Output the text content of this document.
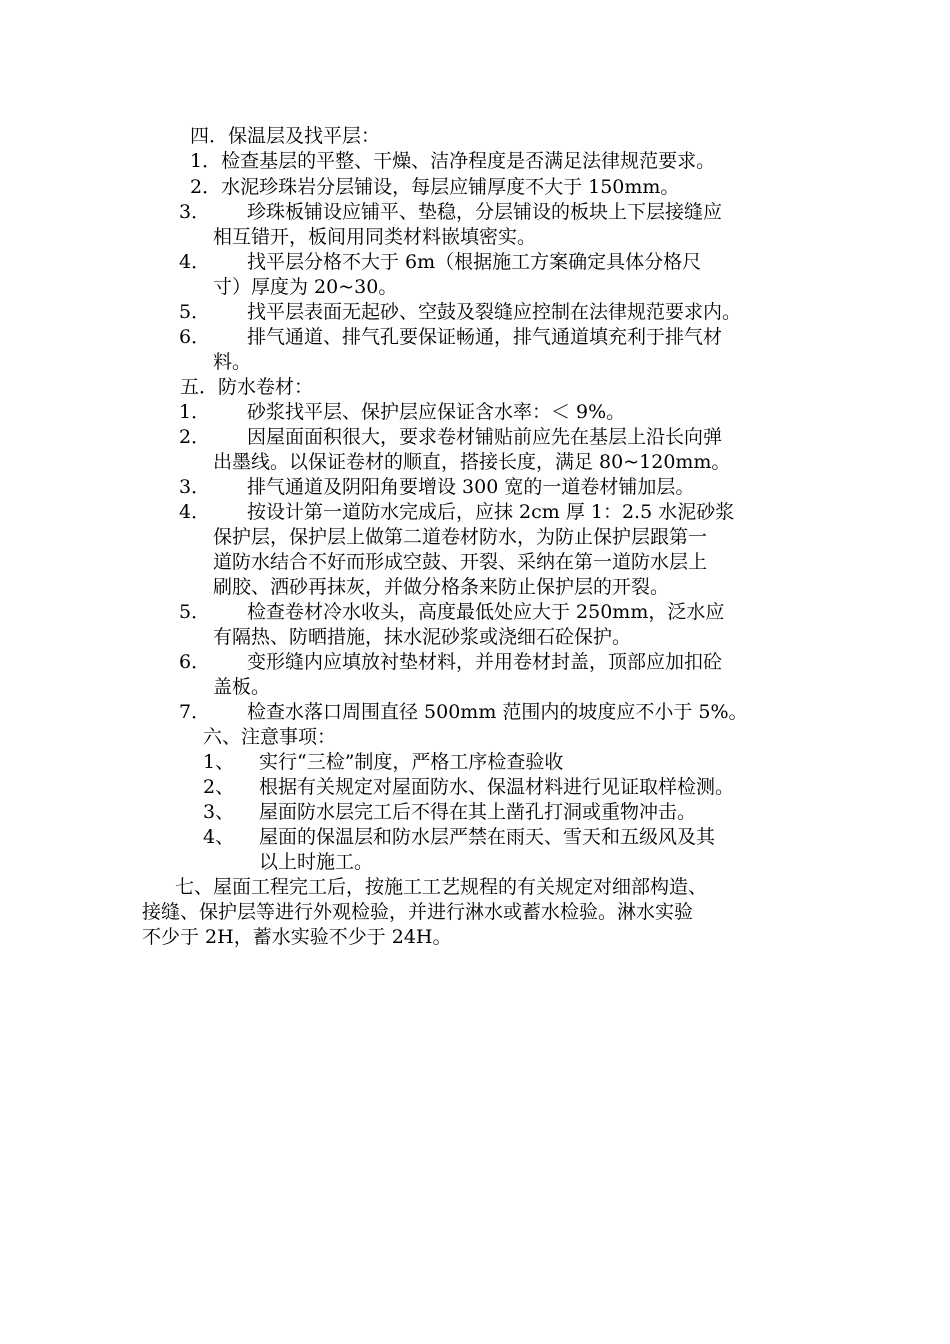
四．保温层及找平层：
1．检查基层的平整、干燥、洁净程度是否满足法律规范要求。
2．水泥珍珠岩分层铺设，每层应铺厚度不大于 150mm。
3． 珍珠板铺设应铺平、垫稳，分层铺设的板块上下层接缝应
相互错开，板间用同类材料嵌填密实。
4． 找平层分格不大于 6m（根据施工方案确定具体分格尺
寸）厚度为 20~30。
5． 找平层表面无起砂、空鼓及裂缝应控制在法律规范要求内。
6． 排气通道、排气孔要保证畅通，排气通道填充利于排气材
料。
五．防水卷材：
1． 砂浆找平层、保护层应保证含水率：＜ 9%。
2． 因屋面面积很大，要求卷材铺贴前应先在基层上沿长向弹
出墨线。以保证卷材的顺直，搭接长度，满足 80~120mm。
3． 排气通道及阴阳角要增设 300 宽的一道卷材铺加层。
4． 按设计第一道防水完成后，应抹 2cm 厚 1：2.5 水泥砂浆
保护层，保护层上做第二道卷材防水，为防止保护层跟第一
道防水结合不好而形成空鼓、开裂、采纳在第一道防水层上
刷胶、洒砂再抹灰，并做分格条来防止保护层的开裂。
5． 检查卷材冷水收头，高度最低处应大于 250mm，泛水应
有隔热、防晒措施，抹水泥砂浆或浇细石砼保护。
6． 变形缝内应填放衬垫材料，并用卷材封盖，顶部应加扣砼
盖板。
7． 检查水落口周围直径 500mm 范围内的坡度应不小于 5%。
六、注意事项：
1、 实行“三检”制度，严格工序检查验收
2、 根据有关规定对屋面防水、保温材料进行见证取样检测。
3、 屋面防水层完工后不得在其上凿孔打洞或重物冲击。
4、 屋面的保温层和防水层严禁在雨天、雪天和五级风及其
以上时施工。
七、屋面工程完工后，按施工工艺规程的有关规定对细部构造、
接缝、保护层等进行外观检验，并进行淋水或蓄水检验。淋水实验
不少于 2H，蓄水实验不少于 24H。
